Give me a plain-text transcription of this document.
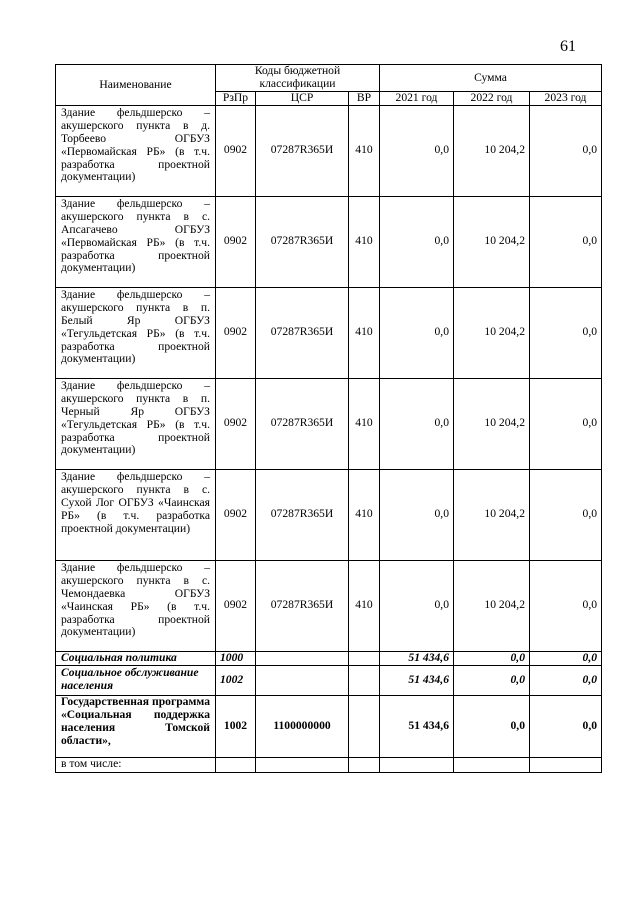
61
Наименование	Коды бюджетной классификации			Сумма		
	РзПр	ЦСР	ВР	2021 год	2022 год	2023 год
Здание фельдшерско – акушерского пункта в д. Торбеево ОГБУЗ «Первомайская РБ» (в т.ч. разработка проектной документации)	0902	07287R365И	410	0,0	10 204,2	0,0
Здание фельдшерско – акушерского пункта в с. Апсагачево ОГБУЗ «Первомайская РБ» (в т.ч. разработка проектной документации)	0902	07287R365И	410	0,0	10 204,2	0,0
Здание фельдшерско – акушерского пункта в п. Белый Яр ОГБУЗ «Тегульдетская РБ» (в т.ч. разработка проектной документации)	0902	07287R365И	410	0,0	10 204,2	0,0
Здание фельдшерско – акушерского пункта в п. Черный Яр ОГБУЗ «Тегульдетская РБ» (в т.ч. разработка проектной документации)	0902	07287R365И	410	0,0	10 204,2	0,0
Здание фельдшерско – акушерского пункта в с. Сухой Лог ОГБУЗ «Чаинская РБ» (в т.ч. разработка проектной документации)	0902	07287R365И	410	0,0	10 204,2	0,0
Здание фельдшерско – акушерского пункта в с. Чемондаевка ОГБУЗ «Чаинская РБ» (в т.ч. разработка проектной документации)	0902	07287R365И	410	0,0	10 204,2	0,0
Социальная политика	1000			51 434,6	0,0	0,0
Социальное обслуживание населения	1002			51 434,6	0,0	0,0
Государственная программа «Социальная поддержка населения Томской области»,	1002	1100000000		51 434,6	0,0	0,0
в том числе:						
